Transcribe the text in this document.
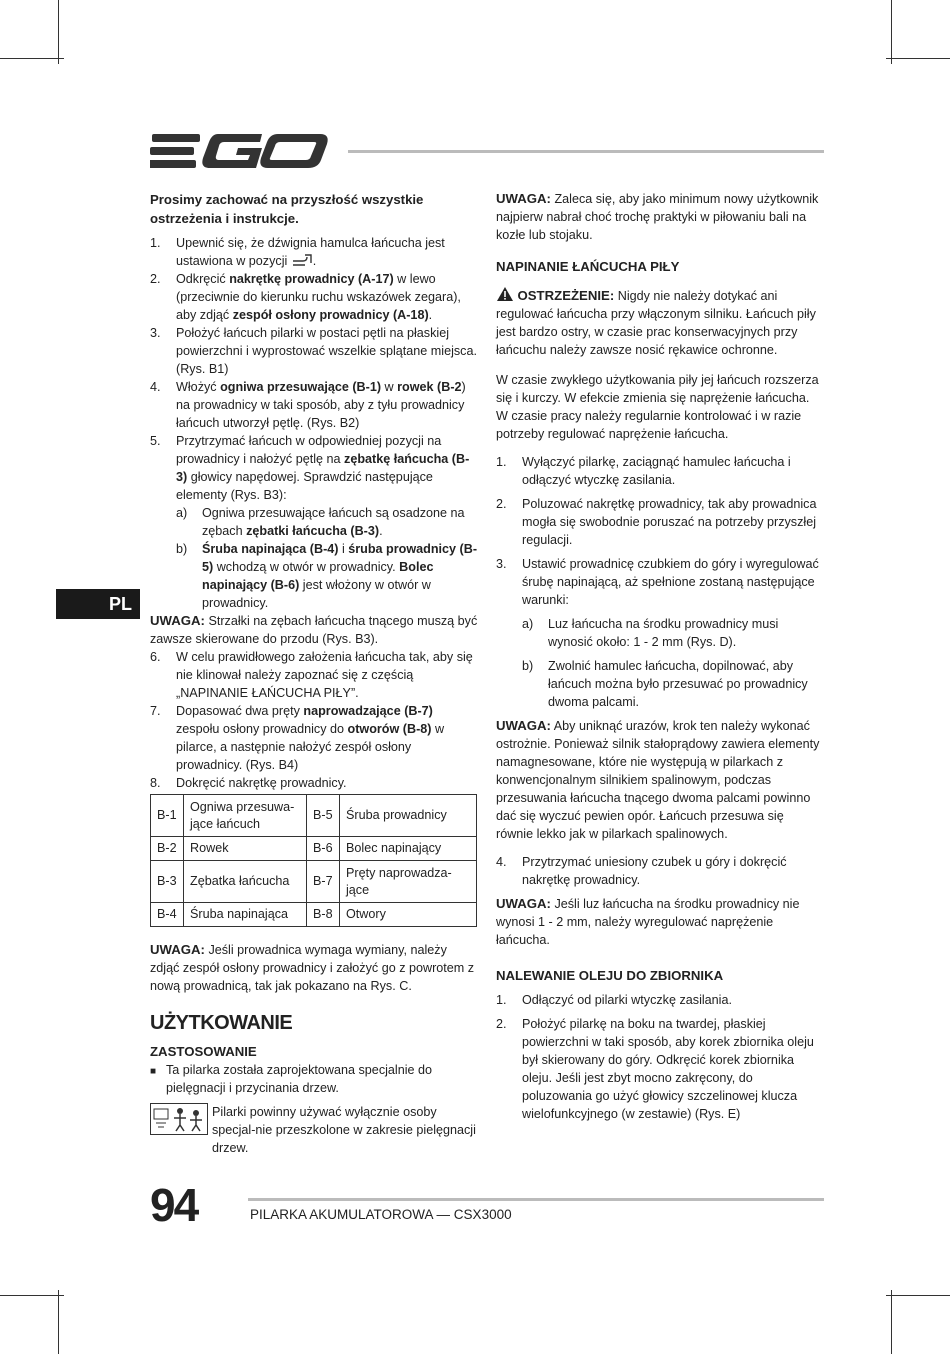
PL

Prosimy zachować na przyszłość wszystkie ostrzeżenia i instrukcje.

1.	Upewnić się, że dźwignia hamulca łańcucha jest ustawiona w pozycji .
2.	Odkręcić nakrętkę prowadnicy (A-17) w lewo (przeciwnie do kierunku ruchu wskazówek zegara), aby zdjąć zespół osłony prowadnicy (A-18).
3.	Położyć łańcuch pilarki w postaci pętli na płaskiej powierzchni i wyprostować wszelkie splątane miejsca. (Rys. B1)
4.	Włożyć ogniwa przesuwające (B-1) w rowek (B-2) na prowadnicy w taki sposób, aby z tyłu prowadnicy łańcuch utworzył pętlę. (Rys. B2)
5.	Przytrzymać łańcuch w odpowiedniej pozycji na prowadnicy i nałożyć pętlę na zębatkę łańcucha (B-3) głowicy napędowej. Sprawdzić następujące elementy (Rys. B3):
a)	Ogniwa przesuwające łańcuch są osadzone na zębach zębatki łańcucha (B-3).
b)	Śruba napinająca (B-4) i śruba prowadnicy (B-5) wchodzą w otwór w prowadnicy. Bolec napinający (B-6) jest włożony w otwór w prowadnicy.

UWAGA: Strzałki na zębach łańcucha tnącego muszą być zawsze skierowane do przodu (Rys. B3).

6.	W celu prawidłowego założenia łańcucha tak, aby się nie klinował należy zapoznać się z częścią „NAPINANIE ŁAŃCUCHA PIŁY”.
7.	Dopasować dwa pręty naprowadzające (B-7) zespołu osłony prowadnicy do otworów (B-8) w pilarce, a następnie nałożyć zespół osłony prowadnicy. (Rys. B4)
8.	Dokręcić nakrętkę prowadnicy.
B-1	Ogniwa przesuwa-jące łańcuch	B-5	Śruba prowadnicy
B-2	Rowek	B-6	Bolec napinający
B-3	Zębatka łańcucha	B-7	Pręty naprowadza-jące
B-4	Śruba napinająca	B-8	Otwory

UWAGA: Jeśli prowadnica wymaga wymiany, należy zdjąć zespół osłony prowadnicy i założyć go z powrotem z nową prowadnicą, tak jak pokazano na Rys. C.

UŻYTKOWANIE

ZASTOSOWANIE

■ Ta pilarka została zaprojektowana specjalnie do pielęgnacji i przycinania drzew.
Pilarki powinny używać wyłącznie osoby specjal-nie przeszkolone w zakresie pielęgnacji drzew.

UWAGA: Zaleca się, aby jako minimum nowy użytkownik najpierw nabrał choć trochę praktyki w piłowaniu bali na kozłe lub stojaku.

NAPINANIE ŁAŃCUCHA PIŁY

OSTRZEŻENIE: Nigdy nie należy dotykać ani regulować łańcucha przy włączonym silniku. Łańcuch piły jest bardzo ostry, w czasie prac konserwacyjnych przy łańcuchu należy zawsze nosić rękawice ochronne.

W czasie zwykłego użytkowania piły jej łańcuch rozszerza się i kurczy. W efekcie zmienia się naprężenie łańcucha. W czasie pracy należy regularnie kontrolować i w razie potrzeby regulować naprężenie łańcucha.

1.	Wyłączyć pilarkę, zaciągnąć hamulec łańcucha i odłączyć wtyczkę zasilania.
2.	Poluzować nakrętkę prowadnicy, tak aby prowadnica mogła się swobodnie poruszać na potrzeby przyszłej regulacji.
3.	Ustawić prowadnicę czubkiem do góry i wyregulować śrubę napinającą, aż spełnione zostaną następujące warunki:
a)	Luz łańcucha na środku prowadnicy musi wynosić około: 1 - 2 mm (Rys. D).
b)	Zwolnić hamulec łańcucha, dopilnować, aby łańcuch można było przesuwać po prowadnicy dwoma palcami.

UWAGA: Aby uniknąć urazów, krok ten należy wykonać ostrożnie. Ponieważ silnik stałoprądowy zawiera elementy namagnesowane, które nie występują w pilarkach z konwencjonalnym silnikiem spalinowym, podczas przesuwania łańcucha tnącego dwoma palcami powinno dać się wyczuć pewien opór. Łańcuch przesuwa się równie lekko jak w pilarkach spalinowych.

4.	Przytrzymać uniesiony czubek u góry i dokręcić nakrętkę prowadnicy.

UWAGA: Jeśli luz łańcucha na środku prowadnicy nie wynosi 1 - 2 mm, należy wyregulować naprężenie łańcucha.

NALEWANIE OLEJU DO ZBIORNIKA

1.	Odłączyć od pilarki wtyczkę zasilania.
2.	Położyć pilarkę na boku na twardej, płaskiej powierzchni w taki sposób, aby korek zbiornika oleju był skierowany do góry. Odkręcić korek zbiornika oleju. Jeśli jest zbyt mocno zakręcony, do poluzowania go użyć głowicy szczelinowej klucza wielofunkcyjnego (w zestawie) (Rys. E)
94	PILARKA AKUMULATOROWA — CSX3000
